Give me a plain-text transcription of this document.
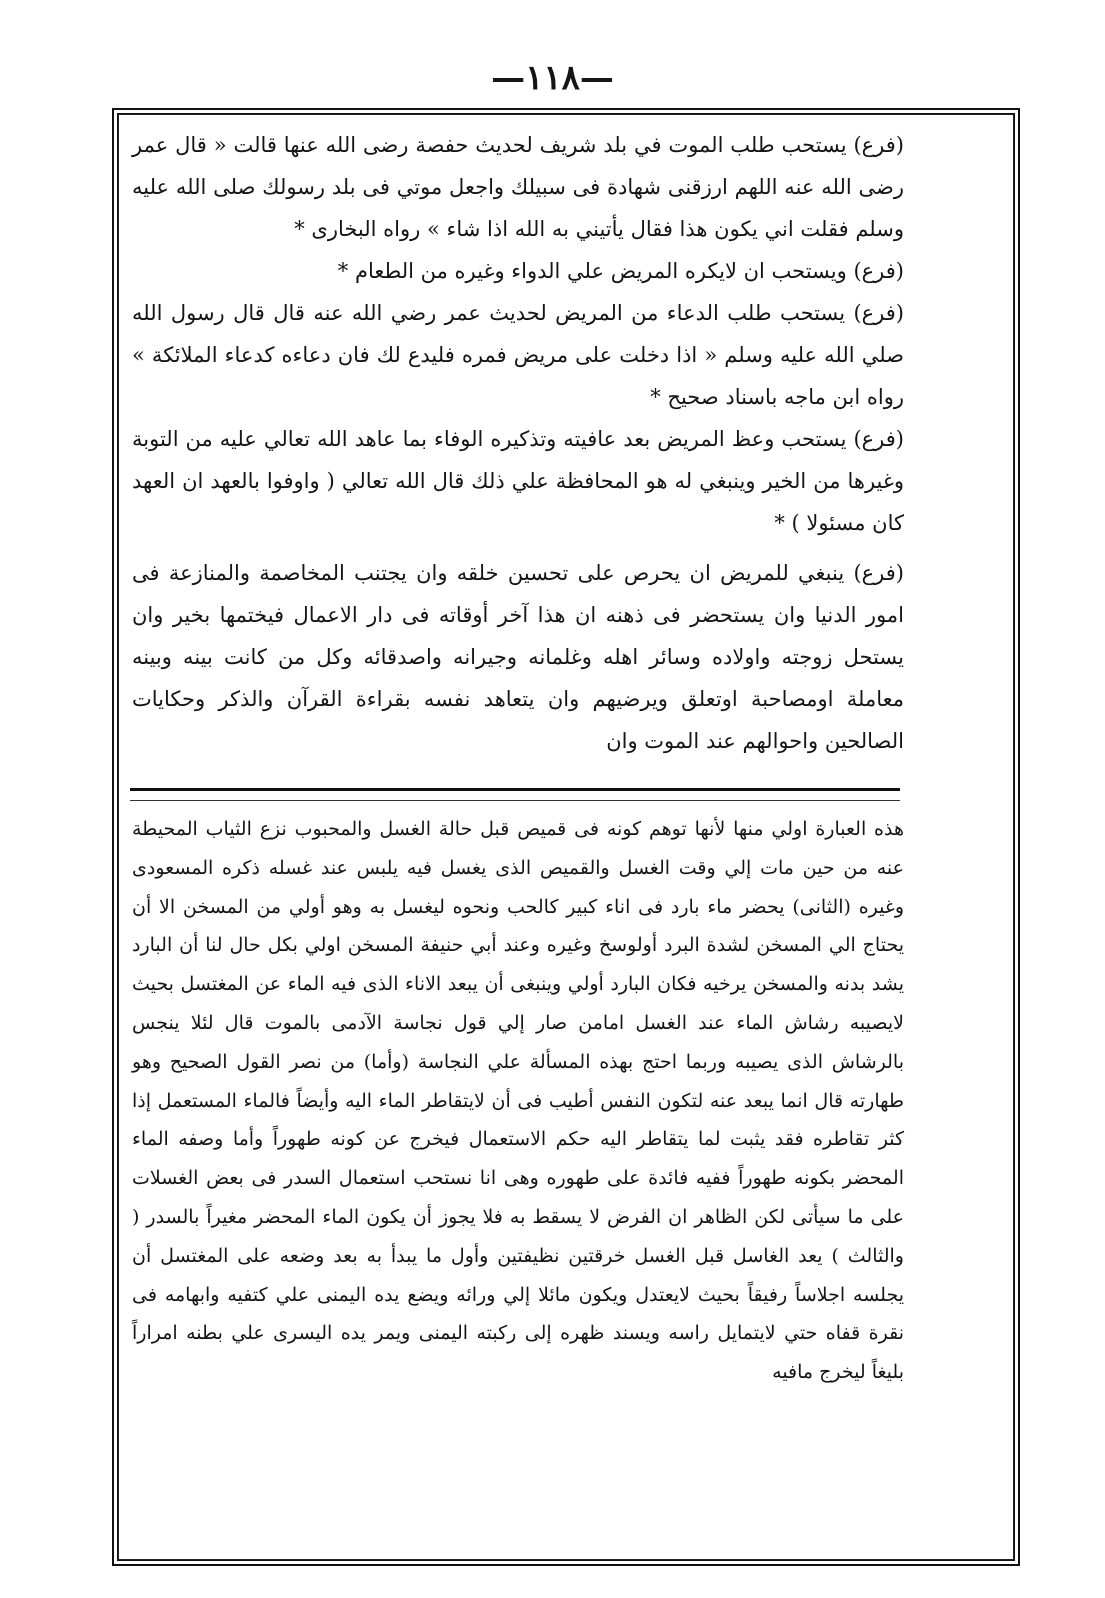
—١١٨—

(فرع) يستحب طلب الموت في بلد شريف لحديث حفصة رضى الله عنها قالت « قال عمر رضى الله عنه اللهم ارزقنى شهادة فى سبيلك واجعل موتي فى بلد رسولك صلى الله عليه وسلم فقلت اني يكون هذا فقال يأتيني به الله اذا شاء » رواه البخارى *

(فرع) ويستحب ان لايكره المريض علي الدواء وغيره من الطعام *

(فرع) يستحب طلب الدعاء من المريض لحديث عمر رضي الله عنه قال قال رسول الله صلي الله عليه وسلم « اذا دخلت على مريض فمره فليدع لك فان دعاءه كدعاء الملائكة » رواه ابن ماجه باسناد صحيح *

(فرع) يستحب وعظ المريض بعد عافيته وتذكيره الوفاء بما عاهد الله تعالي عليه من التوبة وغيرها من الخير وينبغي له هو المحافظة علي ذلك قال الله تعالي ( واوفوا بالعهد ان العهد كان مسئولا ) *

(فرع) ينبغي للمريض ان يحرص على تحسين خلقه وان يجتنب المخاصمة والمنازعة فى امور الدنيا وان يستحضر فى ذهنه ان هذا آخر أوقاته فى دار الاعمال فيختمها بخير وان يستحل زوجته واولاده وسائر اهله وغلمانه وجيرانه واصدقائه وكل من كانت بينه وبينه معاملة اومصاحبة اوتعلق ويرضيهم وان يتعاهد نفسه بقراءة القرآن والذكر وحكايات الصالحين واحوالهم عند الموت وان

هذه العبارة اولي منها لأنها توهم كونه فى قميص قبل حالة الغسل والمحبوب نزع الثياب المحيطة عنه من حين مات إلي وقت الغسل والقميص الذى يغسل فيه يلبس عند غسله ذكره المسعودى وغيره (الثانى) يحضر ماء بارد فى اناء كبير كالحب ونحوه ليغسل به وهو أولي من المسخن الا أن يحتاج الي المسخن لشدة البرد أولوسخ وغيره وعند أبي حنيفة المسخن اولي بكل حال لنا أن البارد يشد بدنه والمسخن يرخيه فكان البارد أولي وينبغى أن يبعد الاناء الذى فيه الماء عن المغتسل بحيث لايصيبه رشاش الماء عند الغسل امامن صار إلي قول نجاسة الآدمى بالموت قال لئلا ينجس بالرشاش الذى يصيبه وربما احتج بهذه المسألة علي النجاسة (وأما) من نصر القول الصحيح وهو طهارته قال انما يبعد عنه لتكون النفس أطيب فى أن لايتقاطر الماء اليه وأيضاً فالماء المستعمل إذا كثر تقاطره فقد يثبت لما يتقاطر اليه حكم الاستعمال فيخرج عن كونه طهوراً وأما وصفه الماء المحضر بكونه طهوراً ففيه فائدة على طهوره وهى انا نستحب استعمال السدر فى بعض الغسلات على ما سيأتى لكن الظاهر ان الفرض لا يسقط به فلا يجوز أن يكون الماء المحضر مغيراً بالسدر ( والثالث ) يعد الغاسل قبل الغسل خرقتين نظيفتين وأول ما يبدأ به بعد وضعه على المغتسل أن يجلسه اجلاساً رفيقاً بحيث لايعتدل ويكون مائلا إلي ورائه ويضع يده اليمنى علي كتفيه وابهامه فى نقرة قفاه حتي لايتمايل راسه ويسند ظهره إلى ركبته اليمنى ويمر يده اليسرى علي بطنه امراراً بليغاً ليخرج مافيه
